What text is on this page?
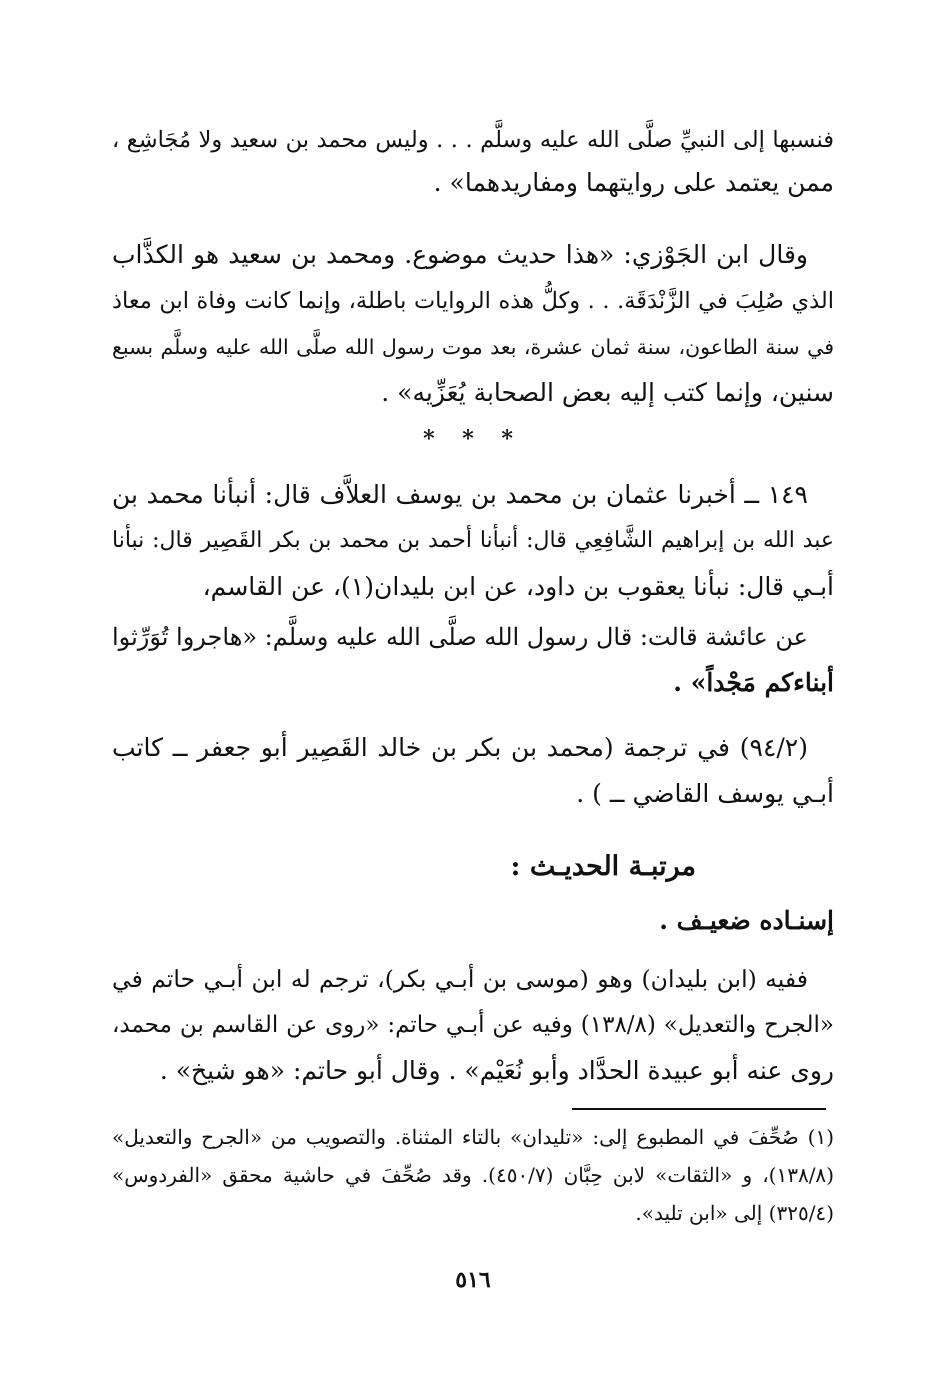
فنسبها إلى النبيِّ صلَّى الله عليه وسلَّم . . . وليس محمد بن سعيد ولا مُجَاشِع ،
ممن يعتمد على روايتهما ومفاريدهما» .
وقال ابن الجَوْزي: «هذا حديث موضوع. ومحمد بن سعيد هو الكذَّاب
الذي صُلِبَ في الزَّنْدَقَة. . . وكلُّ هذه الروايات باطلة، وإنما كانت وفاة ابن معاذ
في سنة الطاعون، سنة ثمان عشرة، بعد موت رسول الله صلَّى الله عليه وسلَّم بسبع
سنين، وإنما كتب إليه بعض الصحابة يُعَزِّيه» .
* * *
١٤٩ ــ أخبرنا عثمان بن محمد بن يوسف العلاَّف قال: أنبأنا محمد بن
عبد الله بن إبراهيم الشَّافِعِي قال: أنبأنا أحمد بن محمد بن بكر القَصِير قال: نبأنا
أبـي قال: نبأنا يعقوب بن داود، عن ابن بليدان(١)، عن القاسم،
عن عائشة قالت: قال رسول الله صلَّى الله عليه وسلَّم: «هاجروا تُوَرِّثوا
أبناءكم مَجْداً» .
(٩٤/٢) في ترجمة (محمد بن بكر بن خالد القَصِير أبو جعفر ــ كاتب
أبـي يوسف القاضي ــ ) .
مرتبـة الحديـث :
إسنـاده ضعيـف .
ففيه (ابن بليدان) وهو (موسى بن أبـي بكر)، ترجم له ابن أبـي حاتم في
«الجرح والتعديل» (١٣٨/٨) وفيه عن أبـي حاتم: «روى عن القاسم بن محمد،
روى عنه أبو عبيدة الحدَّاد وأبو نُعَيْم» . وقال أبو حاتم: «هو شيخ» .
(١) صُحِّفَ في المطبوع إلى: «تليدان» بالتاء المثناة. والتصويب من «الجرح والتعديل»
(١٣٨/٨)، و «الثقات» لابن حِبَّان (٤٥٠/٧). وقد صُحِّفَ في حاشية محقق «الفردوس»
(٣٢٥/٤) إلى «ابن تليد».
٥١٦
